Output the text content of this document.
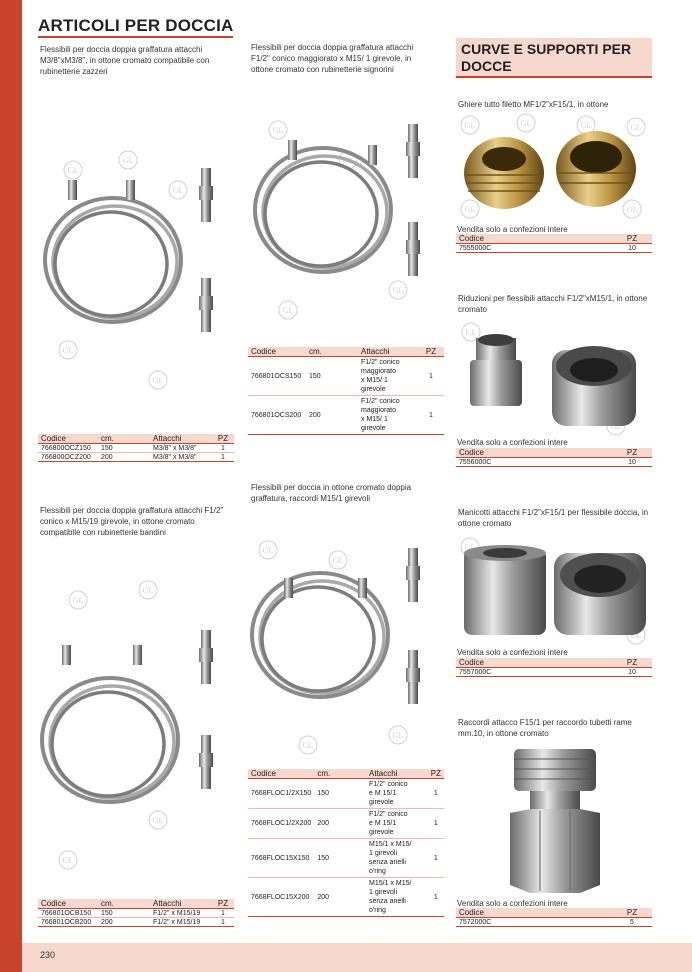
230
ARTICOLI PER DOCCIA
CURVE E SUPPORTI PER
DOCCE
Flessibili per doccia doppia graffatura attacchi M3/8"xM3/8", in ottone cromato compatibile con rubinetterie zazzeri
Codice	cm.	Attacchi	PZ
766800OCZ150	150	M3/8" x M3/8"	1
766800OCZ200	200	M3/8" x M3/8"	1
Flessibili per doccia doppia graffatura attacchi F1/2" conico maggiorato x M15/ 1 girevole, in ottone cromato con rubinetterie signorini
Codice	cm.	Attacchi	PZ
766801OCS150	150	F1/2" conico
maggiorato
x M15/ 1
girevole	1
766801OCS200	200	F1/2" conico
maggiorato
x M15/ 1
girevole	1
Flessibili per doccia doppia graffatura attacchi F1/2" conico x M15/19 girevole, in ottone cromato compatibile con rubinetterie bandini
Codice	cm.	Attacchi	PZ
766801OCB150	150	F1/2" x M15/19	1
766801OCB200	200	F1/2" x M15/19	1
Flessibili per doccia in ottone cromato doppia graffatura, raccordi M15/1 girevoli
Codice	cm.	Attacchi	PZ
7668FLOC1/2X150	150	F1/2" conico
e M 15/1
girevole	1
7668FLOC1/2X200	200	F1/2" conico
e M 15/1
girevole	1
7668FLOC15X150	150	M15/1 x M15/
1 girevoli
senza anelli
o'ring	1
7668FLOC15X200	200	M15/1 x M15/
1 girevoli
senza anelli
o'ring	1
Ghiere tutto filetto MF1/2"xF15/1, in ottone
Vendita solo a confezioni intere
Codice	PZ
7555000C	10
Riduzioni per flessibili attacchi F1/2"xM15/1, in ottone cromato
Vendita solo a confezioni intere
Codice	PZ
7556000C	10
Manicotti attacchi F1/2"xF15/1 per flessibile doccia, in ottone cromato
Vendita solo a confezioni intere
Codice	PZ
7557000C	10
Raccordi attacco F15/1 per raccordo tubetti rame mm.10, in ottone cromato
Vendita solo a confezioni intere
Codice	PZ
7572000C	5
